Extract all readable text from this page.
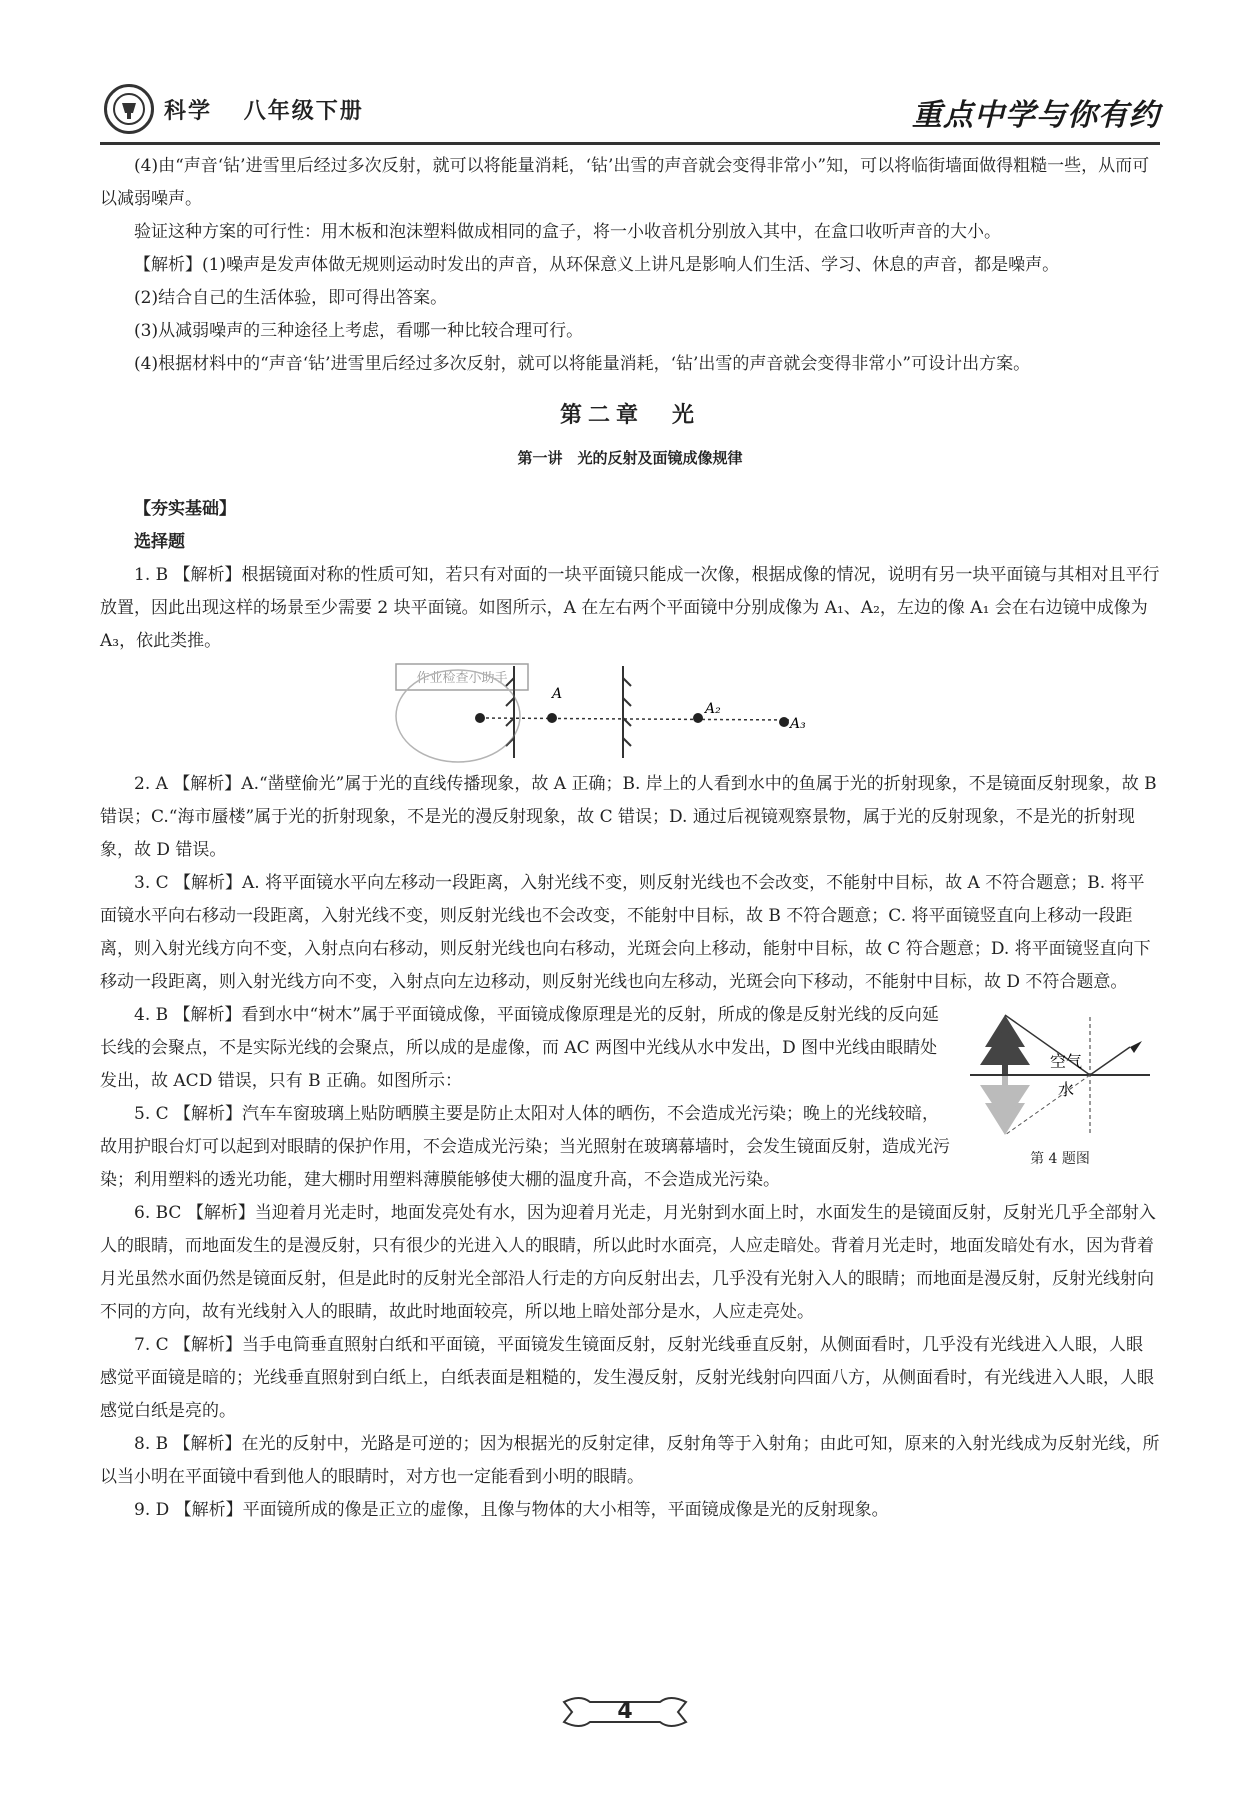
科学 八年级下册	重点中学与你有约

(4)由“声音‘钻’进雪里后经过多次反射，就可以将能量消耗，‘钻’出雪的声音就会变得非常小”知，可以将临街墙面做得粗糙一些，从而可以减弱噪声。

验证这种方案的可行性：用木板和泡沫塑料做成相同的盒子，将一小收音机分别放入其中，在盒口收听声音的大小。

【解析】(1)噪声是发声体做无规则运动时发出的声音，从环保意义上讲凡是影响人们生活、学习、休息的声音，都是噪声。

(2)结合自己的生活体验，即可得出答案。

(3)从减弱噪声的三种途径上考虑，看哪一种比较合理可行。

(4)根据材料中的“声音‘钻’进雪里后经过多次反射，就可以将能量消耗，‘钻’出雪的声音就会变得非常小”可设计出方案。

第二章　光
第一讲　光的反射及面镜成像规律

【夯实基础】

选择题

1. B 【解析】根据镜面对称的性质可知，若只有对面的一块平面镜只能成一次像，根据成像的情况，说明有另一块平面镜与其相对且平行放置，因此出现这样的场景至少需要 2 块平面镜。如图所示，A 在左右两个平面镜中分别成像为 A₁、A₂，左边的像 A₁ 会在右边镜中成像为 A₃，依此类推。

A
A₂
A₃
作业检查小助手

2. A 【解析】A.“凿壁偷光”属于光的直线传播现象，故 A 正确；B. 岸上的人看到水中的鱼属于光的折射现象，不是镜面反射现象，故 B 错误；C.“海市蜃楼”属于光的折射现象，不是光的漫反射现象，故 C 错误；D. 通过后视镜观察景物，属于光的反射现象，不是光的折射现象，故 D 错误。

3. C 【解析】A. 将平面镜水平向左移动一段距离，入射光线不变，则反射光线也不会改变，不能射中目标，故 A 不符合题意；B. 将平面镜水平向右移动一段距离，入射光线不变，则反射光线也不会改变，不能射中目标，故 B 不符合题意；C. 将平面镜竖直向上移动一段距离，则入射光线方向不变，入射点向右移动，则反射光线也向右移动，光斑会向上移动，能射中目标，故 C 符合题意；D. 将平面镜竖直向下移动一段距离，则入射光线方向不变，入射点向左边移动，则反射光线也向左移动，光斑会向下移动，不能射中目标，故 D 不符合题意。

4. B 【解析】看到水中“树木”属于平面镜成像，平面镜成像原理是光的反射，所成的像是反射光线的反向延长线的会聚点，不是实际光线的会聚点，所以成的是虚像，而 AC 两图中光线从水中发出，D 图中光线由眼睛处发出，故 ACD 错误，只有 B 正确。如图所示：

5. C 【解析】汽车车窗玻璃上贴防晒膜主要是防止太阳对人体的晒伤，不会造成光污染；晚上的光线较暗，故用护眼台灯可以起到对眼睛的保护作用，不会造成光污染；当光照射在玻璃幕墙时，会发生镜面反射，造成光污染；利用塑料的透光功能，建大棚时用塑料薄膜能够使大棚的温度升高，不会造成光污染。

空气
水
第 4 题图

6. BC 【解析】当迎着月光走时，地面发亮处有水，因为迎着月光走，月光射到水面上时，水面发生的是镜面反射，反射光几乎全部射入人的眼睛，而地面发生的是漫反射，只有很少的光进入人的眼睛，所以此时水面亮，人应走暗处。背着月光走时，地面发暗处有水，因为背着月光虽然水面仍然是镜面反射，但是此时的反射光全部沿人行走的方向反射出去，几乎没有光射入人的眼睛；而地面是漫反射，反射光线射向不同的方向，故有光线射入人的眼睛，故此时地面较亮，所以地上暗处部分是水，人应走亮处。

7. C 【解析】当手电筒垂直照射白纸和平面镜，平面镜发生镜面反射，反射光线垂直反射，从侧面看时，几乎没有光线进入人眼，人眼感觉平面镜是暗的；光线垂直照射到白纸上，白纸表面是粗糙的，发生漫反射，反射光线射向四面八方，从侧面看时，有光线进入人眼，人眼感觉白纸是亮的。

8. B 【解析】在光的反射中，光路是可逆的；因为根据光的反射定律，反射角等于入射角；由此可知，原来的入射光线成为反射光线，所以当小明在平面镜中看到他人的眼睛时，对方也一定能看到小明的眼睛。

9. D 【解析】平面镜所成的像是正立的虚像，且像与物体的大小相等，平面镜成像是光的反射现象。

4
